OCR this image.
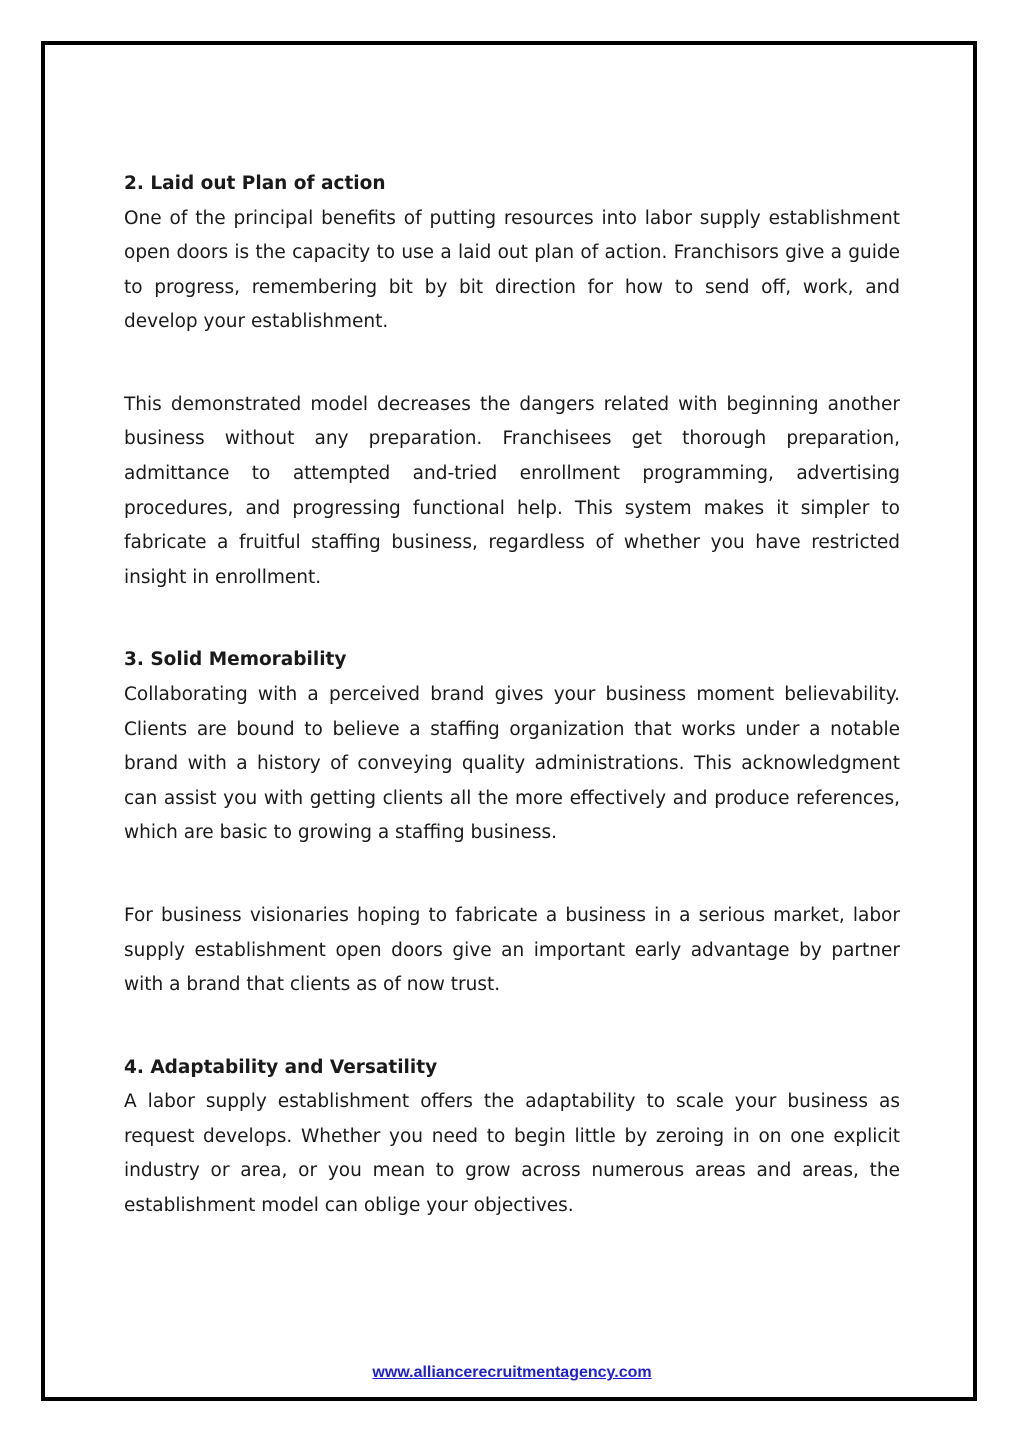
2. Laid out Plan of action

One of the principal benefits of putting resources into labor supply establishment open doors is the capacity to use a laid out plan of action. Franchisors give a guide to progress, remembering bit by bit direction for how to send off, work, and develop your establishment.

This demonstrated model decreases the dangers related with beginning another business without any preparation. Franchisees get thorough preparation, admittance to attempted and-tried enrollment programming, advertising procedures, and progressing functional help. This system makes it simpler to fabricate a fruitful staffing business, regardless of whether you have restricted insight in enrollment.

3. Solid Memorability

Collaborating with a perceived brand gives your business moment believability. Clients are bound to believe a staffing organization that works under a notable brand with a history of conveying quality administrations. This acknowledgment can assist you with getting clients all the more effectively and produce references, which are basic to growing a staffing business.

For business visionaries hoping to fabricate a business in a serious market, labor supply establishment open doors give an important early advantage by partner with a brand that clients as of now trust.

4. Adaptability and Versatility

A labor supply establishment offers the adaptability to scale your business as request develops. Whether you need to begin little by zeroing in on one explicit industry or area, or you mean to grow across numerous areas and areas, the establishment model can oblige your objectives.

www.alliancerecruitmentagency.com
